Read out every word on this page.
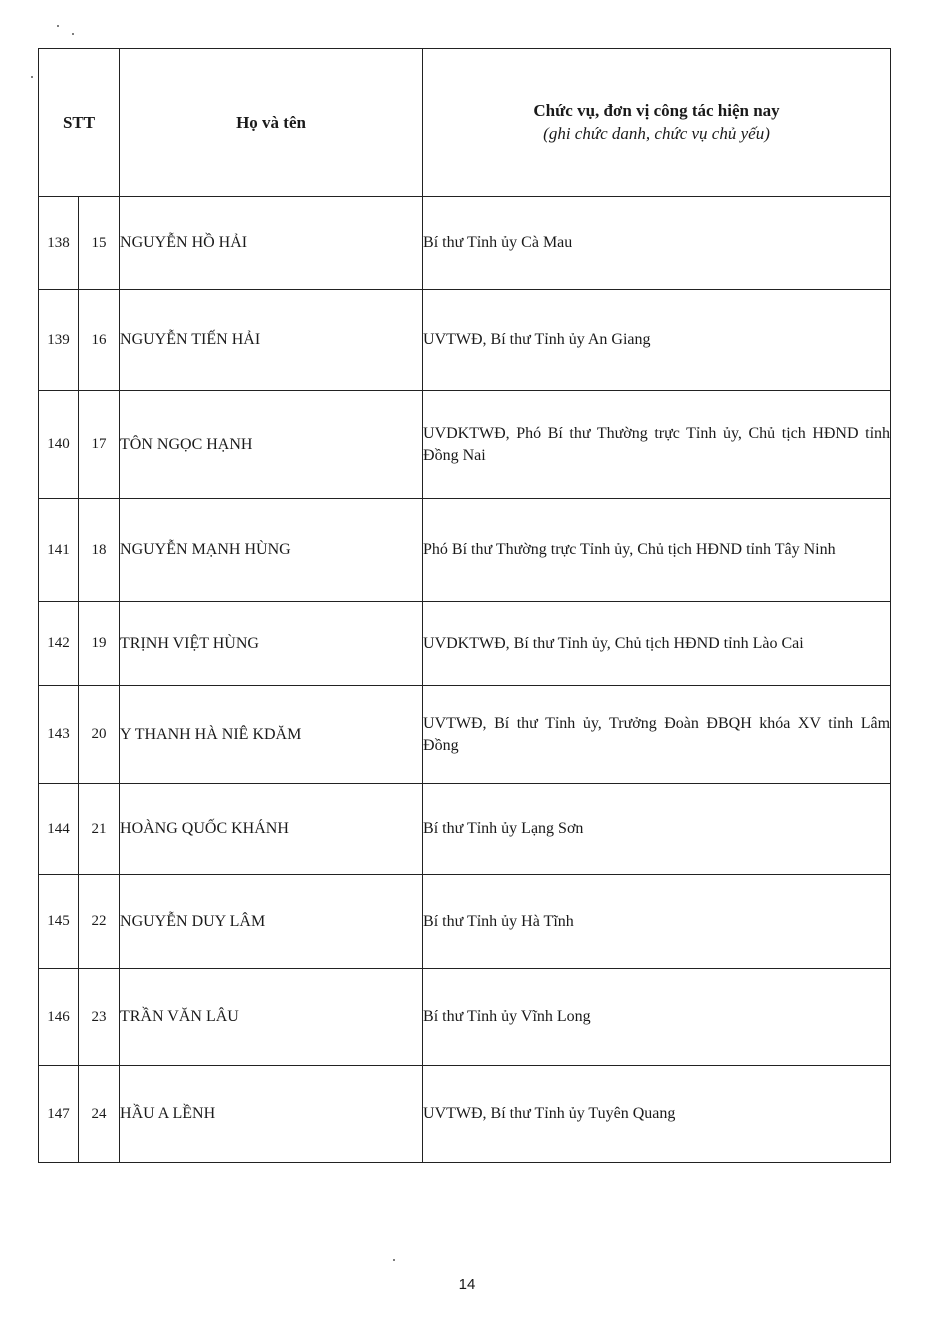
STT		Họ và tên	Chức vụ, đơn vị công tác hiện nay
(ghi chức danh, chức vụ chủ yếu)

138	15	NGUYỄN HỒ HẢI	Bí thư Tỉnh ủy Cà Mau
139	16	NGUYỄN TIẾN HẢI	UVTWĐ, Bí thư Tỉnh ủy An Giang
140	17	TÔN NGỌC HẠNH	UVDKTWĐ, Phó Bí thư Thường trực Tỉnh ủy, Chủ tịch HĐND tỉnh Đồng Nai
141	18	NGUYỄN MẠNH HÙNG	Phó Bí thư Thường trực Tỉnh ủy, Chủ tịch HĐND tỉnh Tây Ninh
142	19	TRỊNH VIỆT HÙNG	UVDKTWĐ, Bí thư Tỉnh ủy, Chủ tịch HĐND tỉnh Lào Cai
143	20	Y THANH HÀ NIÊ KDĂM	UVTWĐ, Bí thư Tỉnh ủy, Trưởng Đoàn ĐBQH khóa XV tỉnh Lâm Đồng
144	21	HOÀNG QUỐC KHÁNH	Bí thư Tỉnh ủy Lạng Sơn
145	22	NGUYỄN DUY LÂM	Bí thư Tỉnh ủy Hà Tĩnh
146	23	TRẦN VĂN LÂU	Bí thư Tỉnh ủy Vĩnh Long
147	24	HẦU A LỀNH	UVTWĐ, Bí thư Tỉnh ủy Tuyên Quang
14
